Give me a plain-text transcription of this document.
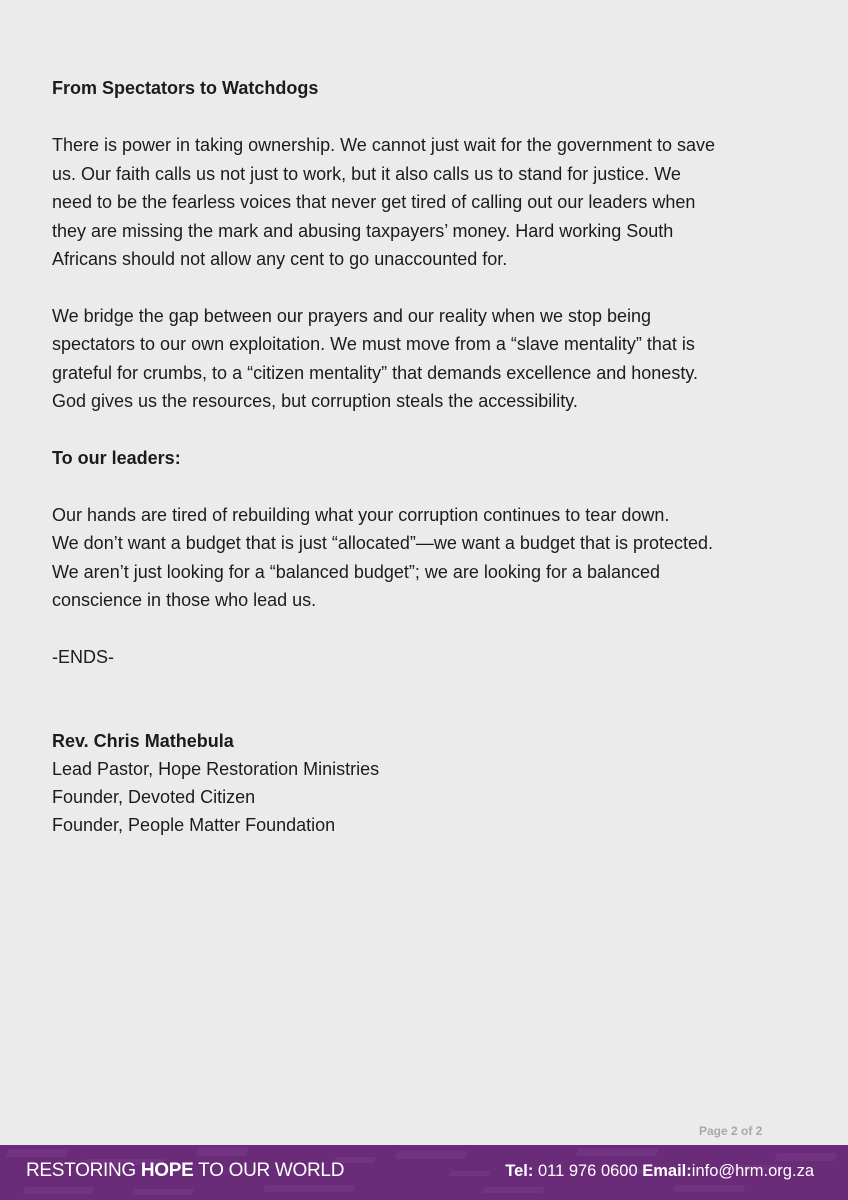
From Spectators to Watchdogs

There is power in taking ownership. We cannot just wait for the government to save
us. Our faith calls us not just to work, but it also calls us to stand for justice. We
need to be the fearless voices that never get tired of calling out our leaders when
they are missing the mark and abusing taxpayers’ money. Hard working South
Africans should not allow any cent to go unaccounted for.

We bridge the gap between our prayers and our reality when we stop being
spectators to our own exploitation. We must move from a “slave mentality” that is
grateful for crumbs, to a “citizen mentality” that demands excellence and honesty.
God gives us the resources, but corruption steals the accessibility.

To our leaders:

Our hands are tired of rebuilding what your corruption continues to tear down.
We don’t want a budget that is just “allocated”—we want a budget that is protected.
We aren’t just looking for a “balanced budget”; we are looking for a balanced
conscience in those who lead us.

-ENDS-

Rev. Chris Mathebula

Lead Pastor, Hope Restoration Ministries

Founder, Devoted Citizen

Founder, People Matter Foundation

Page 2 of 2
RESTORING HOPE TO OUR WORLD	Tel: 011 976 0600 Email:info@hrm.org.za
